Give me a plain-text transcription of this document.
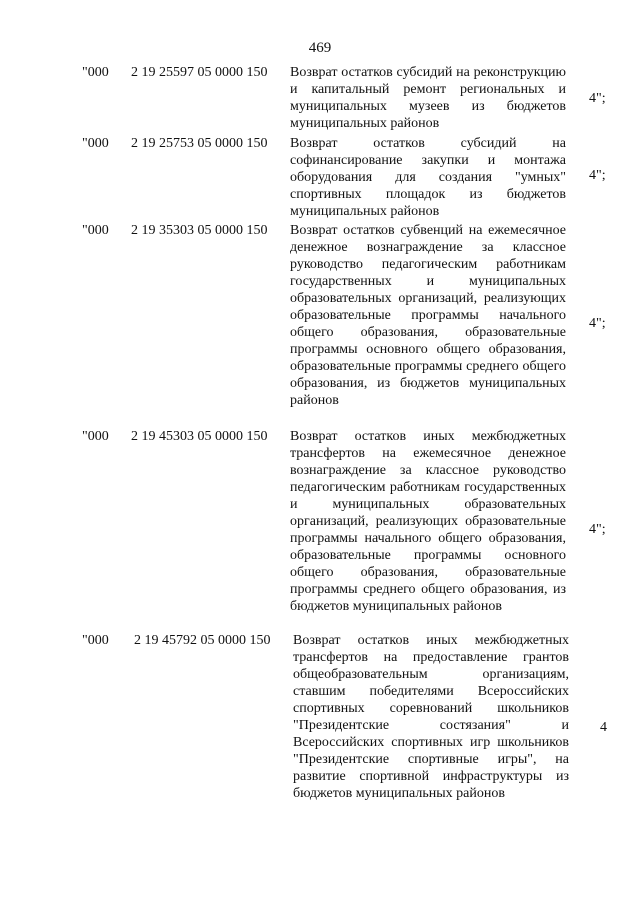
469
"000 2 19 25597 05 0000 150 Возврат остатков субсидий на реконструкцию и капитальный ремонт региональных и муниципальных музеев из бюджетов муниципальных районов

4";
"000 2 19 25753 05 0000 150 Возврат остатков субсидий на софинансирование закупки и монтажа оборудования для создания "умных" спортивных площадок из бюджетов муниципальных районов

4";
"000 2 19 35303 05 0000 150 Возврат остатков субвенций на ежемесячное денежное вознаграждение за классное руководство педагогическим работникам государственных и муниципальных образовательных организаций, реализующих образовательные программы начального общего образования, образовательные программы основного общего образования, образовательные программы среднего общего образования, из бюджетов муниципальных районов

4";
"000 2 19 45303 05 0000 150 Возврат остатков иных межбюджетных трансфертов на ежемесячное денежное вознаграждение за классное руководство педагогическим работникам государственных и муниципальных образовательных организаций, реализующих образовательные программы начального общего образования, образовательные программы основного общего образования, образовательные программы среднего общего образования, из бюджетов муниципальных районов

4";
"000 2 19 45792 05 0000 150 Возврат остатков иных межбюджетных трансфертов на предоставление грантов общеобразовательным организациям, ставшим победителями Всероссийских спортивных соревнований школьников "Президентские состязания" и Всероссийских спортивных игр школьников "Президентские спортивные игры", на развитие спортивной инфраструктуры из бюджетов муниципальных районов

4
